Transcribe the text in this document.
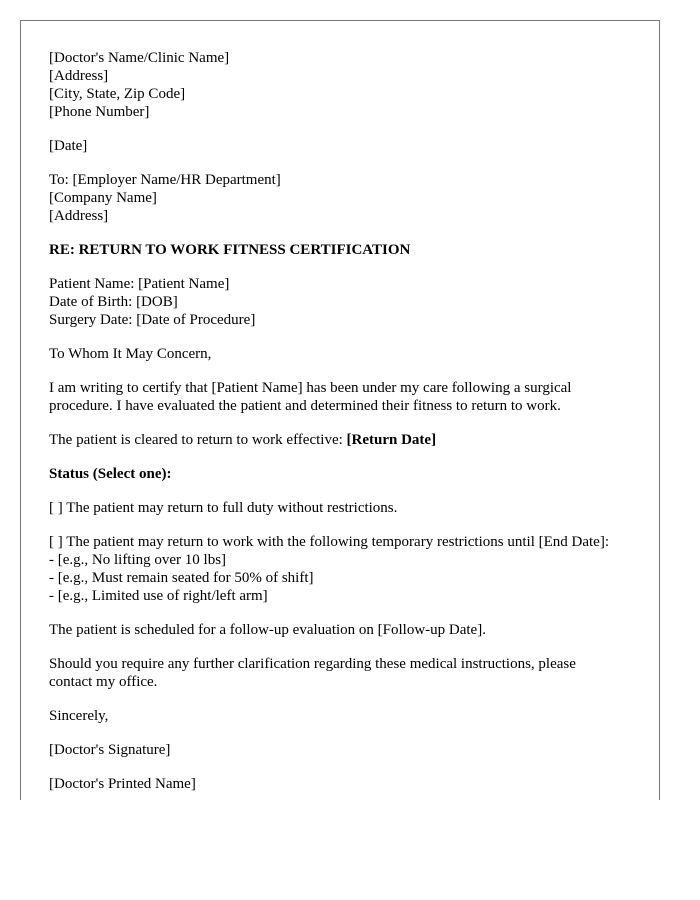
[Doctor's Name/Clinic Name]
[Address]
[City, State, Zip Code]
[Phone Number]
[Date]
To: [Employer Name/HR Department]
[Company Name]
[Address]
RE: RETURN TO WORK FITNESS CERTIFICATION
Patient Name: [Patient Name]
Date of Birth: [DOB]
Surgery Date: [Date of Procedure]
To Whom It May Concern,
I am writing to certify that [Patient Name] has been under my care following a surgical procedure. I have evaluated the patient and determined their fitness to return to work.
The patient is cleared to return to work effective: [Return Date]
Status (Select one):
[ ] The patient may return to full duty without restrictions.
[ ] The patient may return to work with the following temporary restrictions until [End Date]:
- [e.g., No lifting over 10 lbs]
- [e.g., Must remain seated for 50% of shift]
- [e.g., Limited use of right/left arm]
The patient is scheduled for a follow-up evaluation on [Follow-up Date].
Should you require any further clarification regarding these medical instructions, please contact my office.
Sincerely,
[Doctor's Signature]
[Doctor's Printed Name]
